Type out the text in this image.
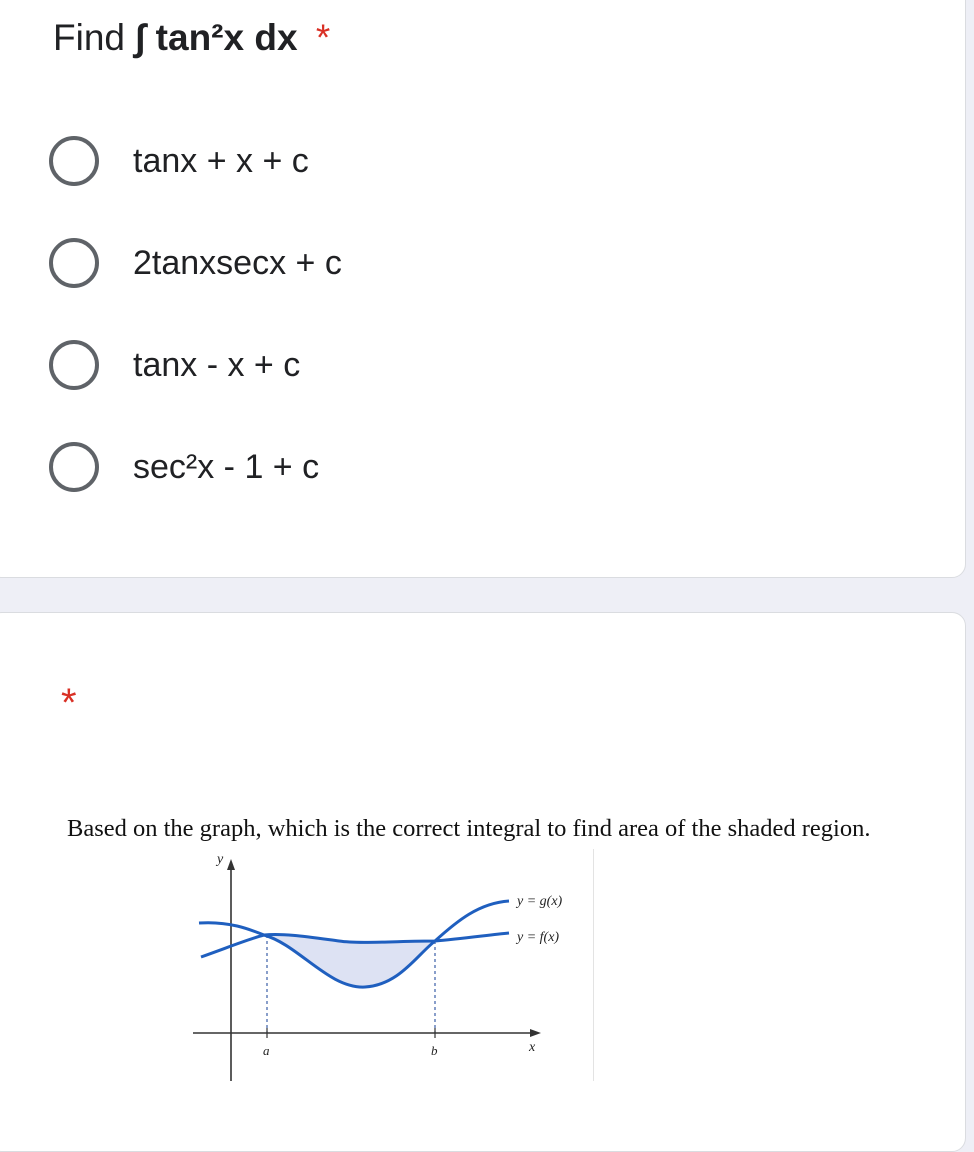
Find ∫ tan²x dx *
tanx + x + c
2tanxsecx + c
tanx - x + c
sec²x - 1 + c
*
Based on the graph, which is the correct integral to find area of the shaded region.
y
x
a	b
y = g(x)
y = f(x)
